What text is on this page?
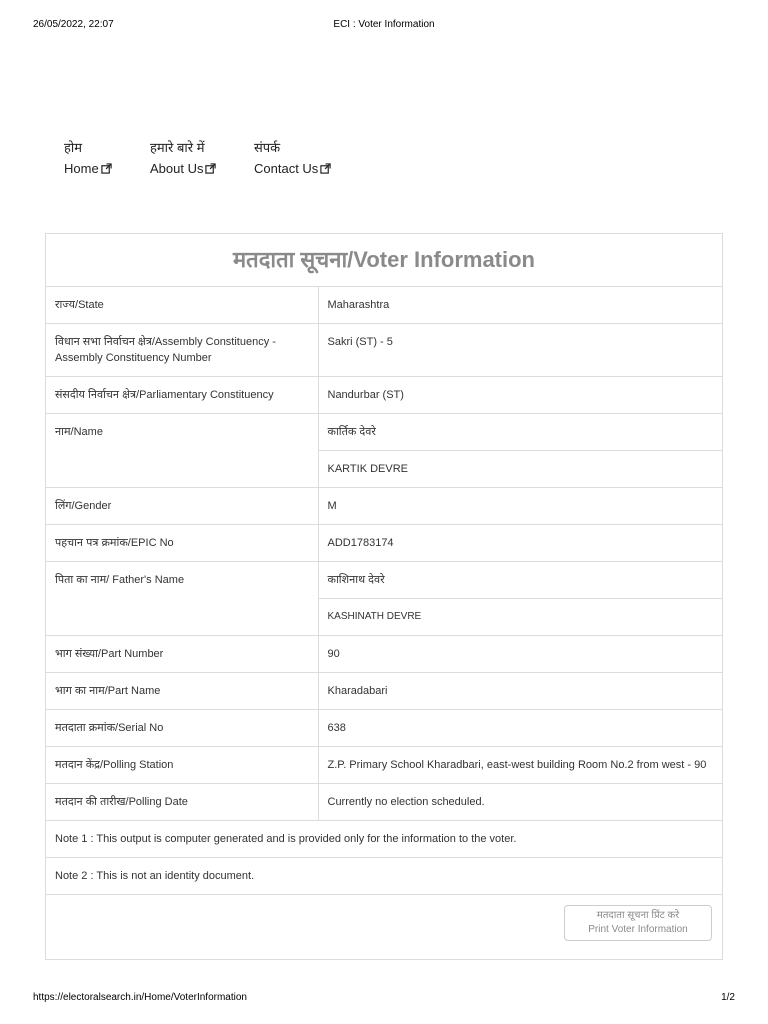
26/05/2022, 22:07	ECI : Voter Information
होम
Home
हमारे बारे में
About Us
संपर्क
Contact Us
मतदाता सूचना/Voter Information
राज्य/State	Maharashtra
विधान सभा निर्वाचन क्षेत्र/Assembly Constituency - Assembly Constituency Number	Sakri (ST) - 5
संसदीय निर्वाचन क्षेत्र/Parliamentary Constituency	Nandurbar (ST)
नाम/Name	कार्तिक देवरे
	KARTIK DEVRE
लिंग/Gender	M
पहचान पत्र क्रमांक/EPIC No	ADD1783174
पिता का नाम/ Father's Name	काशिनाथ देवरे
	KASHINATH DEVRE
भाग संख्या/Part Number	90
भाग का नाम/Part Name	Kharadabari
मतदाता क्रमांक/Serial No	638
मतदान केंद्र/Polling Station	Z.P. Primary School Kharadbari, east-west building Room No.2 from west - 90
मतदान की तारीख/Polling Date	Currently no election scheduled.
Note 1 : This output is computer generated and is provided only for the information to the voter.	
Note 2 : This is not an identity document.	
मतदाता सूचना प्रिंट करे
Print Voter Information
https://electoralsearch.in/Home/VoterInformation	1/2
